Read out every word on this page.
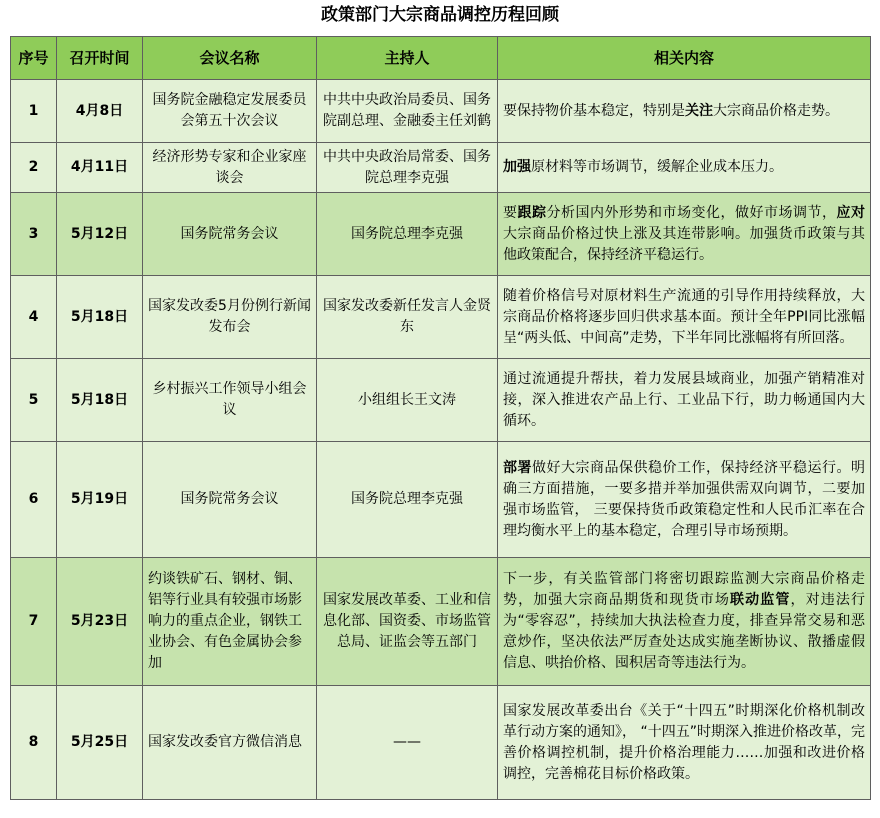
政策部门大宗商品调控历程回顾
序号	召开时间	会议名称	主持人	相关内容
1	4月8日	国务院金融稳定发展委员会第五十次会议	中共中央政治局委员、国务院副总理、金融委主任刘鹤	要保持物价基本稳定，特别是关注大宗商品价格走势。
2	4月11日	经济形势专家和企业家座谈会	中共中央政治局常委、国务院总理李克强	加强原材料等市场调节，缓解企业成本压力。
3	5月12日	国务院常务会议	国务院总理李克强	要跟踪分析国内外形势和市场变化，做好市场调节，应对大宗商品价格过快上涨及其连带影响。加强货币政策与其他政策配合，保持经济平稳运行。
4	5月18日	国家发改委5月份例行新闻发布会	国家发改委新任发言人金贤东	随着价格信号对原材料生产流通的引导作用持续释放，大宗商品价格将逐步回归供求基本面。预计全年PPI同比涨幅呈“两头低、中间高”走势，下半年同比涨幅将有所回落。
5	5月18日	乡村振兴工作领导小组会议	小组组长王文涛	通过流通提升帮扶，着力发展县域商业，加强产销精准对接，深入推进农产品上行、工业品下行，助力畅通国内大循环。
6	5月19日	国务院常务会议	国务院总理李克强	部署做好大宗商品保供稳价工作，保持经济平稳运行。明确三方面措施，一要多措并举加强供需双向调节，二要加强市场监管， 三要保持货币政策稳定性和人民币汇率在合理均衡水平上的基本稳定，合理引导市场预期。
7	5月23日	约谈铁矿石、钢材、铜、铝等行业具有较强市场影响力的重点企业，钢铁工业协会、有色金属协会参加	国家发展改革委、工业和信息化部、国资委、市场监管总局、证监会等五部门	下一步，有关监管部门将密切跟踪监测大宗商品价格走势，加强大宗商品期货和现货市场联动监管，对违法行为“零容忍”，持续加大执法检查力度，排查异常交易和恶意炒作，坚决依法严厉查处达成实施垄断协议、散播虚假信息、哄抬价格、囤积居奇等违法行为。
8	5月25日	国家发改委官方微信消息	——	国家发展改革委出台《关于“十四五”时期深化价格机制改革行动方案的通知》， “十四五”时期深入推进价格改革，完善价格调控机制，提升价格治理能力……加强和改进价格调控，完善棉花目标价格政策。
